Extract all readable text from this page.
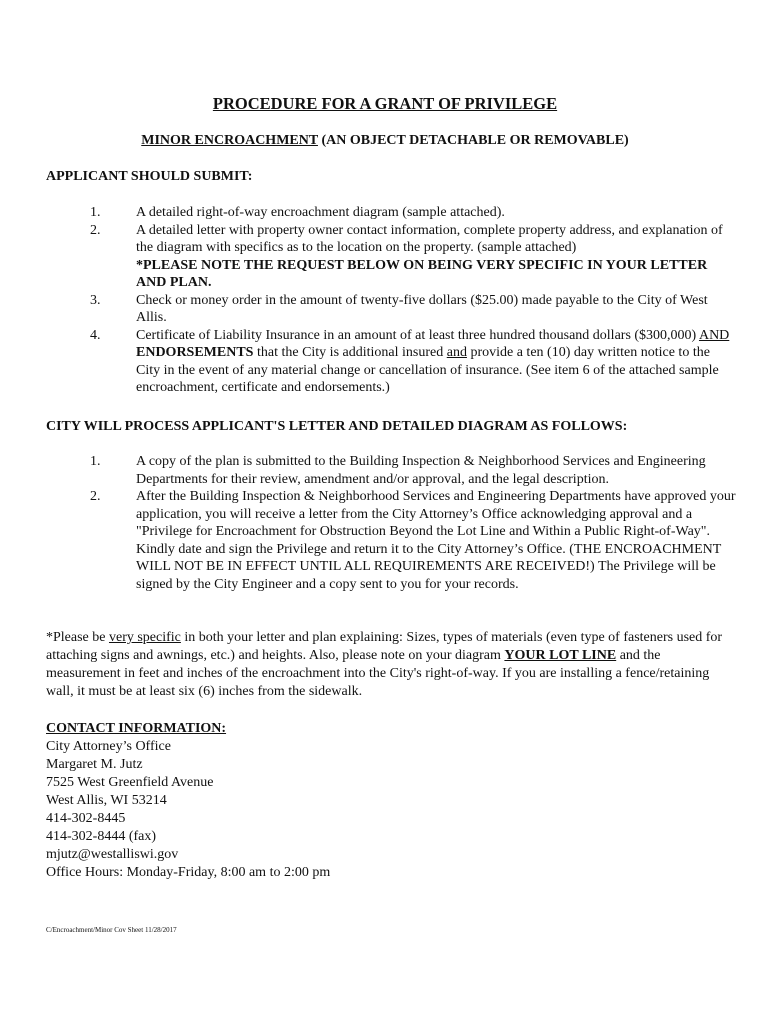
PROCEDURE FOR A GRANT OF PRIVILEGE
MINOR ENCROACHMENT (AN OBJECT DETACHABLE OR REMOVABLE)
APPLICANT SHOULD SUBMIT:
1.	A detailed right-of-way encroachment diagram (sample attached).
2.	A detailed letter with property owner contact information, complete property address, and explanation of the diagram with specifics as to the location on the property. (sample attached)
*PLEASE NOTE THE REQUEST BELOW ON BEING VERY SPECIFIC IN YOUR LETTER AND PLAN.
3.	Check or money order in the amount of twenty-five dollars ($25.00) made payable to the City of West Allis.
4.	Certificate of Liability Insurance in an amount of at least three hundred thousand dollars ($300,000) AND ENDORSEMENTS that the City is additional insured and provide a ten (10) day written notice to the City in the event of any material change or cancellation of insurance. (See item 6 of the attached sample encroachment, certificate and endorsements.)
CITY WILL PROCESS APPLICANT'S LETTER AND DETAILED DIAGRAM AS FOLLOWS:
1.	A copy of the plan is submitted to the Building Inspection & Neighborhood Services and Engineering Departments for their review, amendment and/or approval, and the legal description.
2.	After the Building Inspection & Neighborhood Services and Engineering Departments have approved your application, you will receive a letter from the City Attorney’s Office acknowledging approval and a "Privilege for Encroachment for Obstruction Beyond the Lot Line and Within a Public Right-of-Way". Kindly date and sign the Privilege and return it to the City Attorney’s Office. (THE ENCROACHMENT WILL NOT BE IN EFFECT UNTIL ALL REQUIREMENTS ARE RECEIVED!) The Privilege will be signed by the City Engineer and a copy sent to you for your records.
*Please be very specific in both your letter and plan explaining: Sizes, types of materials (even type of fasteners used for attaching signs and awnings, etc.) and heights. Also, please note on your diagram YOUR LOT LINE and the measurement in feet and inches of the encroachment into the City's right-of-way. If you are installing a fence/retaining wall, it must be at least six (6) inches from the sidewalk.
CONTACT INFORMATION:
City Attorney’s Office
Margaret M. Jutz
7525 West Greenfield Avenue
West Allis, WI 53214
414-302-8445
414-302-8444 (fax)
mjutz@westalliswi.gov
Office Hours: Monday-Friday, 8:00 am to 2:00 pm
C/Encroachment/Minor Cov Sheet 11/28/2017
